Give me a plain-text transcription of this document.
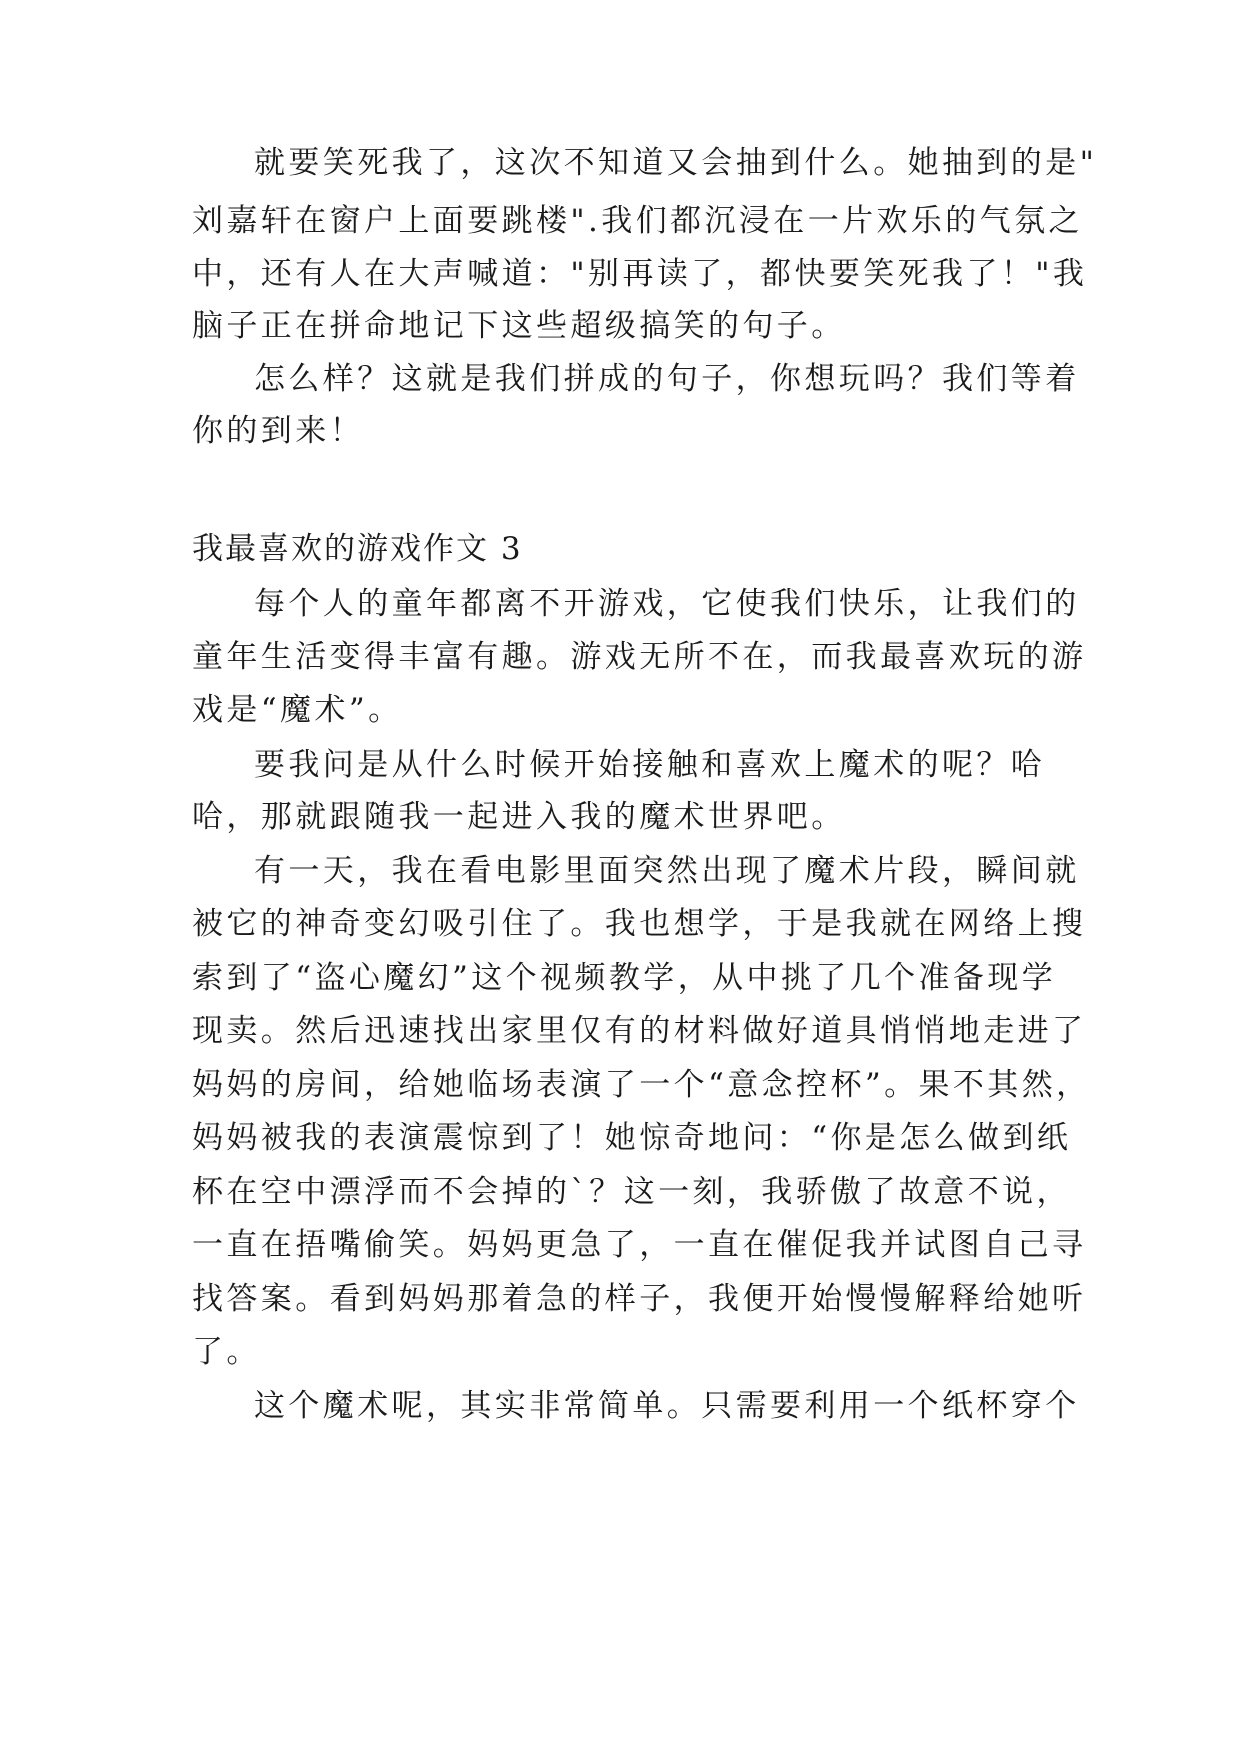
就要笑死我了，这次不知道又会抽到什么。她抽到的是"
刘嘉轩在窗户上面要跳楼".我们都沉浸在一片欢乐的气氛之
中，还有人在大声喊道："别再读了，都快要笑死我了！"我
脑子正在拼命地记下这些超级搞笑的句子。
怎么样？这就是我们拼成的句子，你想玩吗？我们等着
你的到来！
我最喜欢的游戏作文 3
每个人的童年都离不开游戏，它使我们快乐，让我们的
童年生活变得丰富有趣。游戏无所不在，而我最喜欢玩的游
戏是“魔术”。
要我问是从什么时候开始接触和喜欢上魔术的呢？哈
哈，那就跟随我一起进入我的魔术世界吧。
有一天，我在看电影里面突然出现了魔术片段，瞬间就
被它的神奇变幻吸引住了。我也想学，于是我就在网络上搜
索到了“盗心魔幻”这个视频教学，从中挑了几个准备现学
现卖。然后迅速找出家里仅有的材料做好道具悄悄地走进了
妈妈的房间，给她临场表演了一个“意念控杯”。果不其然，
妈妈被我的表演震惊到了！她惊奇地问：“你是怎么做到纸
杯在空中漂浮而不会掉的`？这一刻，我骄傲了故意不说，
一直在捂嘴偷笑。妈妈更急了，一直在催促我并试图自己寻
找答案。看到妈妈那着急的样子，我便开始慢慢解释给她听
了。
这个魔术呢，其实非常简单。只需要利用一个纸杯穿个
